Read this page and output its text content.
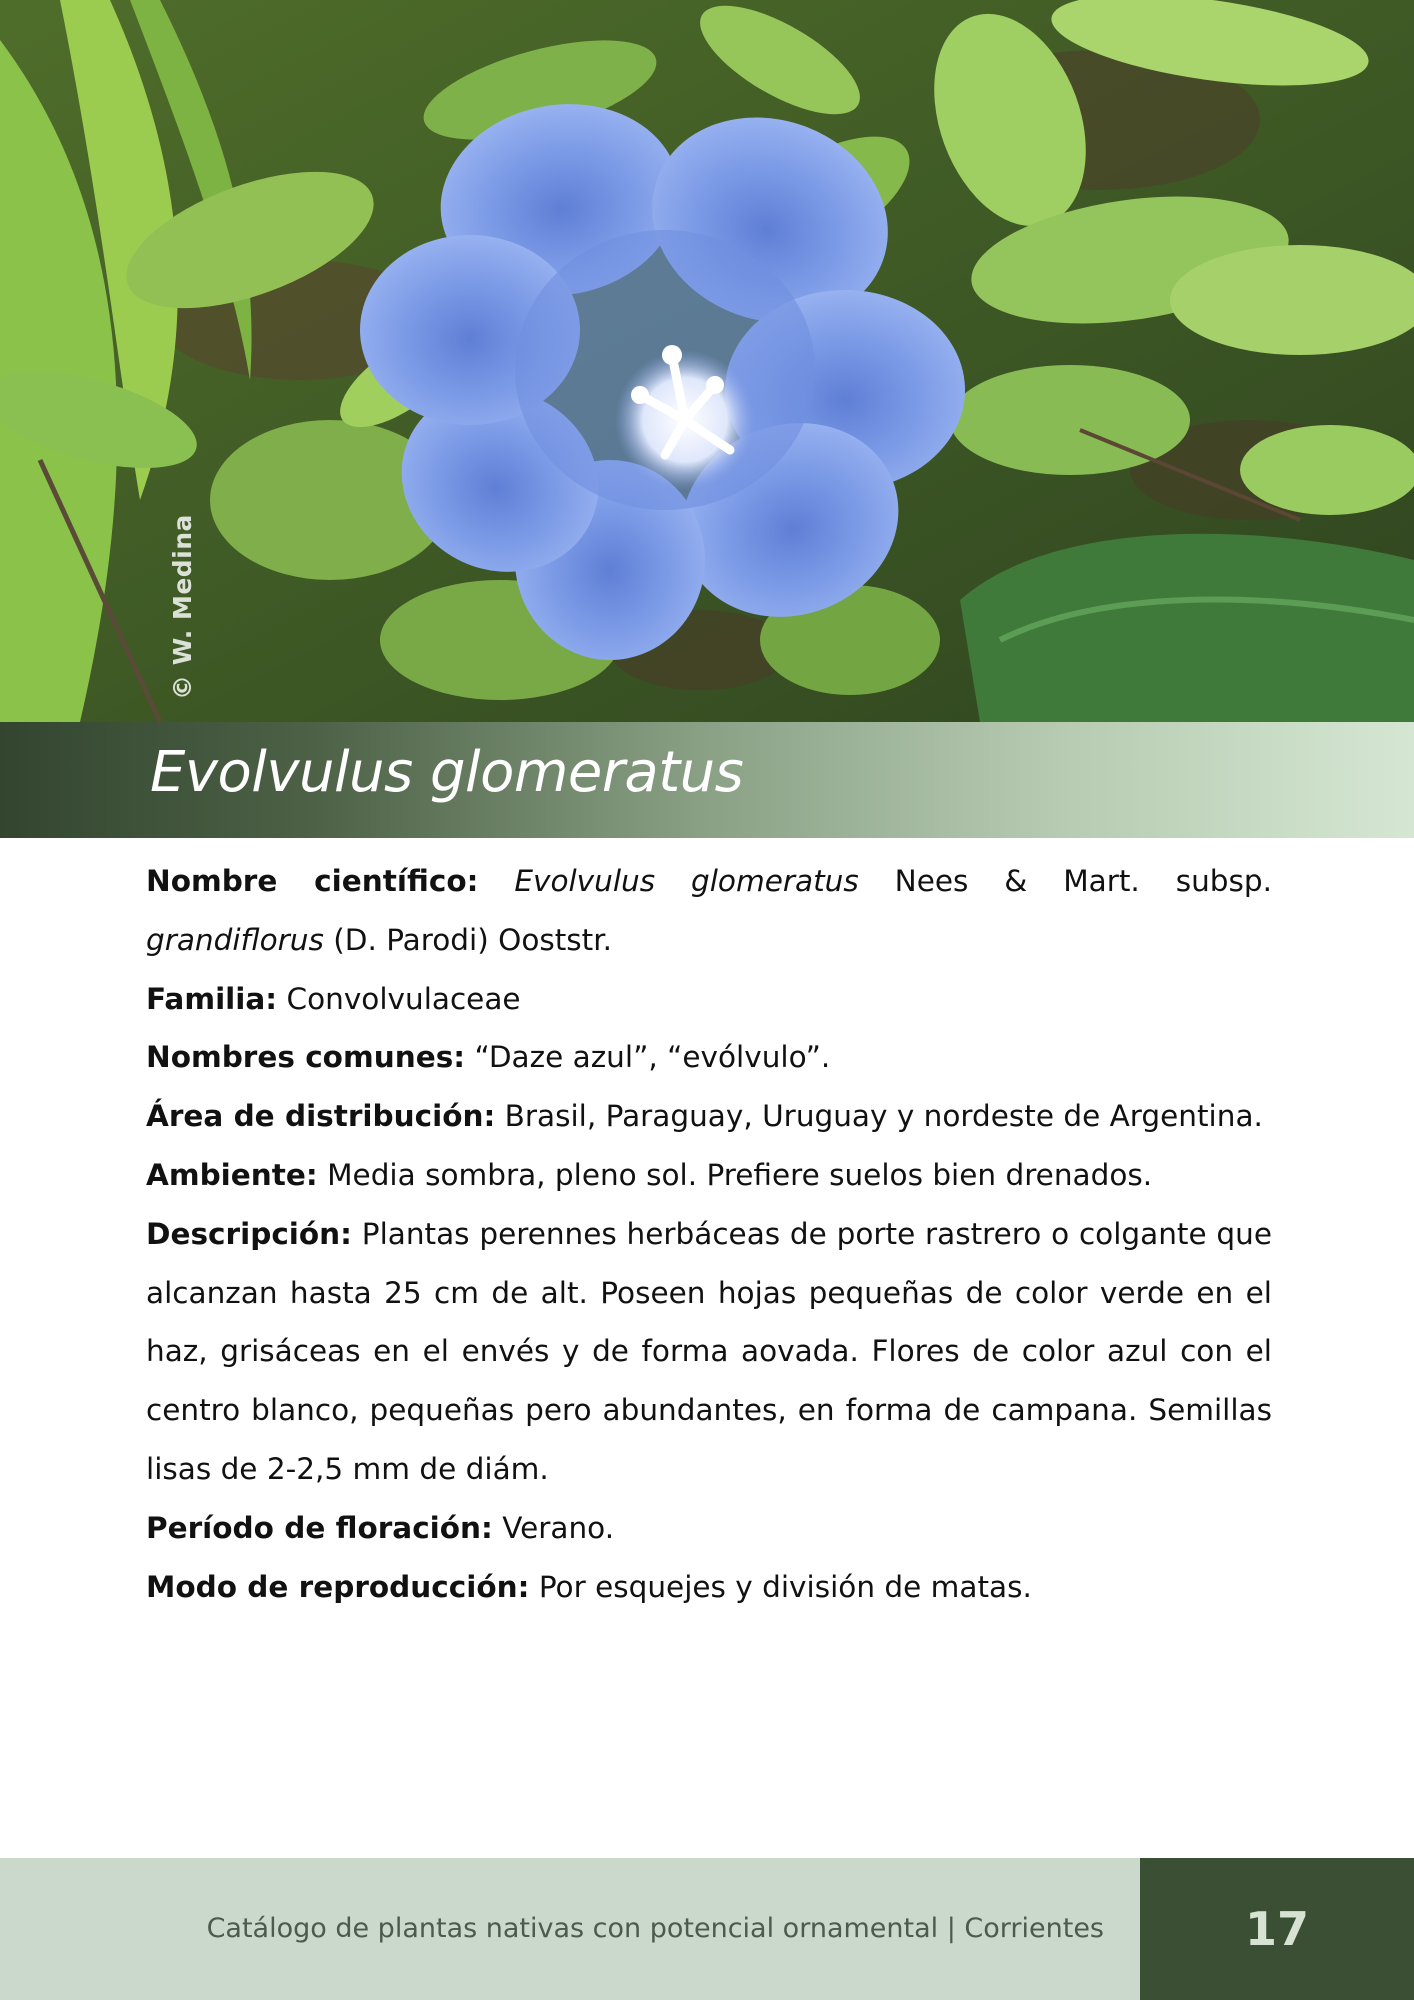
© W. Medina
Evolvulus glomeratus

Nombre científico: Evolvulus glomeratus Nees & Mart. subsp. grandiflorus (D. Parodi) Ooststr.

Familia: Convolvulaceae

Nombres comunes: “Daze azul”, “evólvulo”.

Área de distribución: Brasil, Paraguay, Uruguay y nordeste de Argentina.

Ambiente: Media sombra, pleno sol. Prefiere suelos bien drenados.

Descripción: Plantas perennes herbáceas de porte rastrero o colgante que alcanzan hasta 25 cm de alt. Poseen hojas pequeñas de color verde en el haz, grisáceas en el envés y de forma aovada. Flores de color azul con el centro blanco, pequeñas pero abundantes, en forma de campana. Semillas lisas de 2-2,5 mm de diám.

Período de floración: Verano.

Modo de reproducción: Por esquejes y división de matas.

Catálogo de plantas nativas con potencial ornamental | Corrientes	17
